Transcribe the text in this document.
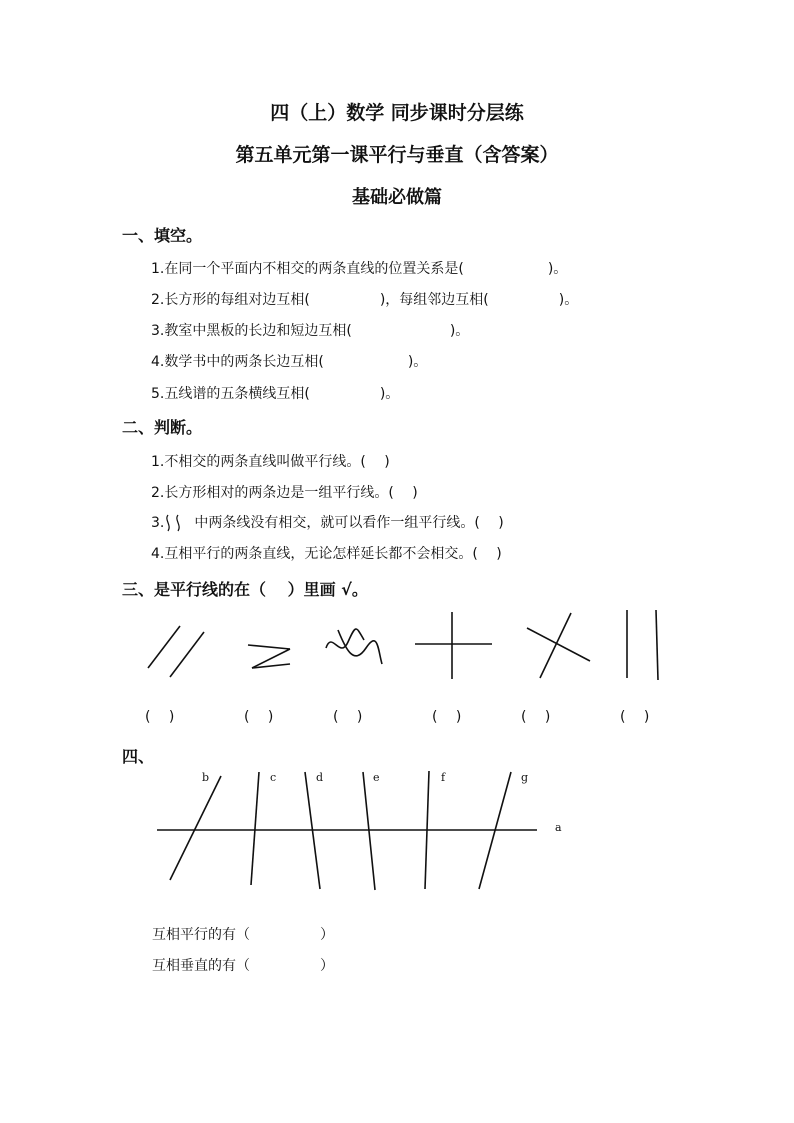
四（上）数学 同步课时分层练
第五单元第一课平行与垂直（含答案）
基础必做篇
一、填空。
1.在同一个平面内不相交的两条直线的位置关系是(　　　　　　)。
2.长方形的每组对边互相(　　　　　)，每组邻边互相(　　　　　)。
3.教室中黑板的长边和短边互相(　　　　　　　)。
4.数学书中的两条长边互相(　　　　　　)。
5.五线谱的五条横线互相(　　　　　)。
二、判断。
1.不相交的两条直线叫做平行线。(　 )
2.长方形相对的两条边是一组平行线。(　 )
3. 中两条线没有相交，就可以看作一组平行线。(　 )
4.互相平行的两条直线，无论怎样延长都不会相交。(　 )
三、是平行线的在（　 ）里画 √。
(　 )	(　 )	(　 )	(　 )	(　 )	(　 )
四、
b	c	d	e	f	g
a
互相平行的有（　　　　　）
互相垂直的有（　　　　　）
